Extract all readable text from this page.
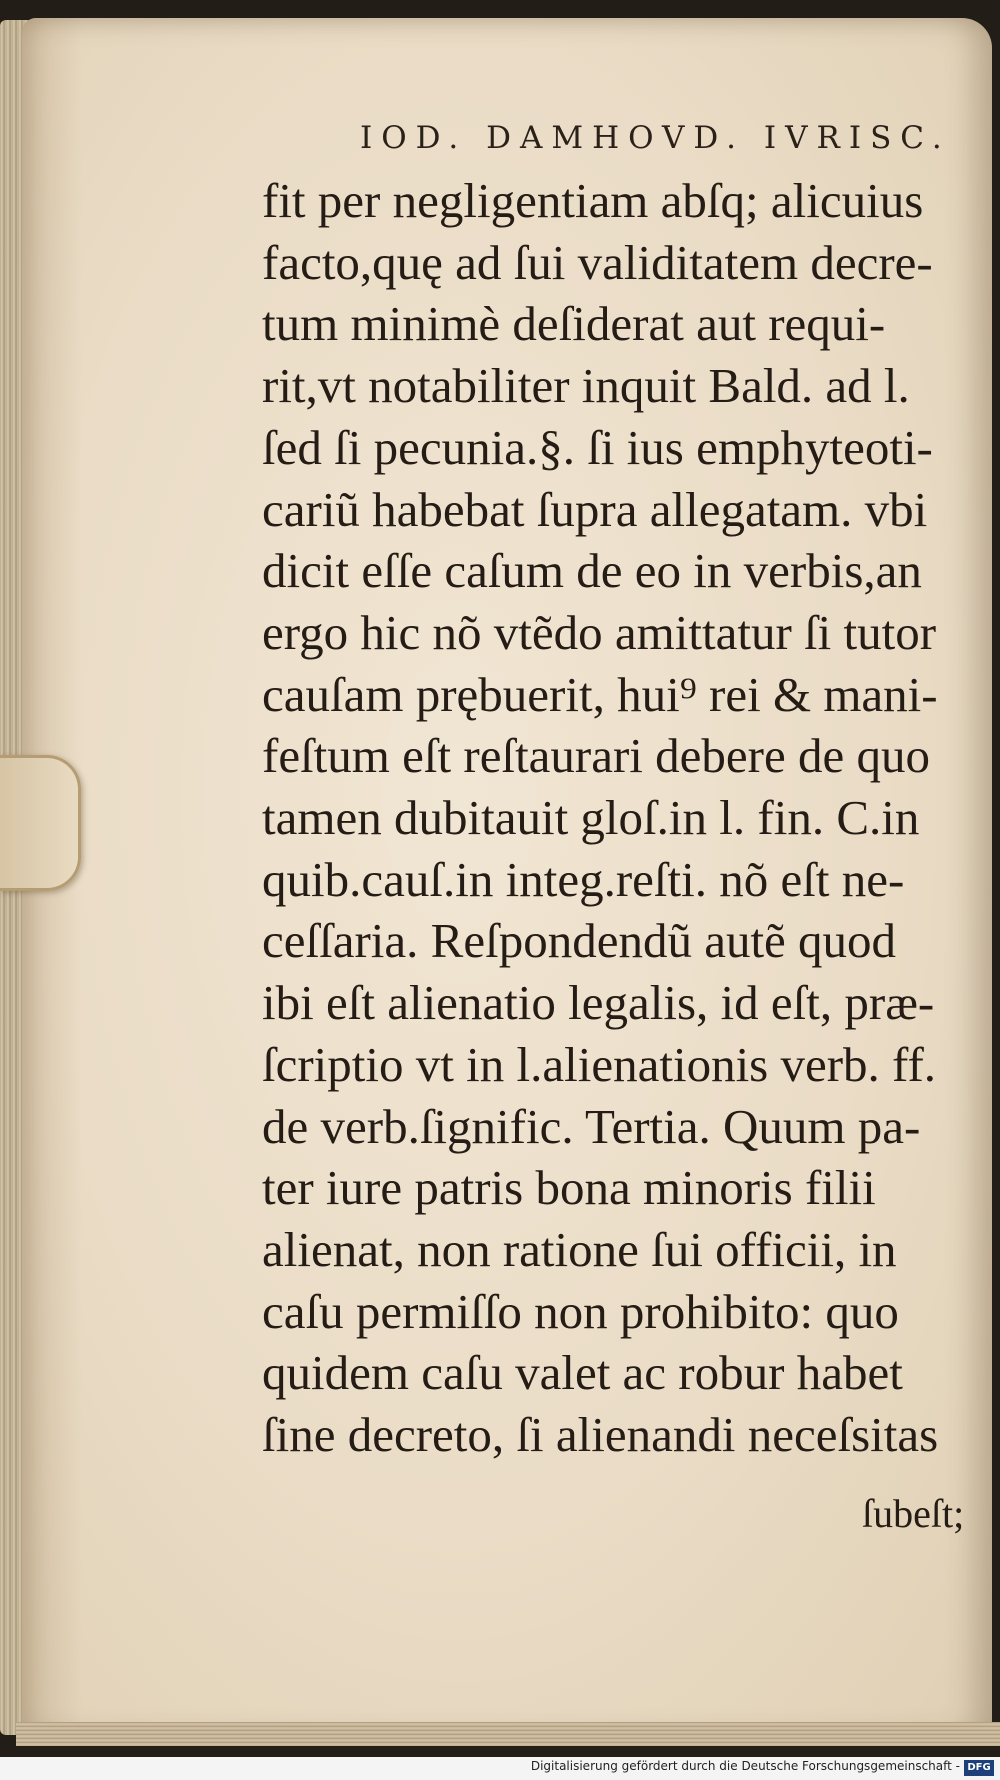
IOD. DAMHOVD. IVRISC.
fit per negligentiam abſq; alicuius
facto,quę ad ſui validitatem decre-
tum minimè deſiderat aut requi-
rit,vt notabiliter inquit Bald. ad l.
ſed ſi pecunia.§. ſi ius emphyteoti-
cariũ habebat ſupra allegatam. vbi
dicit eſſe caſum de eo in verbis,an
ergo hic nõ vtẽdo amittatur ſi tutor
cauſam prębuerit, hui⁹ rei & mani-
feſtum eſt reſtaurari debere de quo
tamen dubitauit gloſ.in l. fin. C.in
quib.cauſ.in integ.reſti. nõ eſt ne-
ceſſaria. Reſpondendũ autẽ quod
ibi eſt alienatio legalis, id eſt, præ-
ſcriptio vt in l.alienationis verb. ff.
de verb.ſignific. Tertia. Quum pa-
ter iure patris bona minoris filii
alienat, non ratione ſui officii, in
caſu permiſſo non prohibito: quo
quidem caſu valet ac robur habet
ſine decreto, ſi alienandi neceſsitas
ſubeſt;
Digitalisierung gefördert durch die Deutsche Forschungsgemeinschaft - DFG
